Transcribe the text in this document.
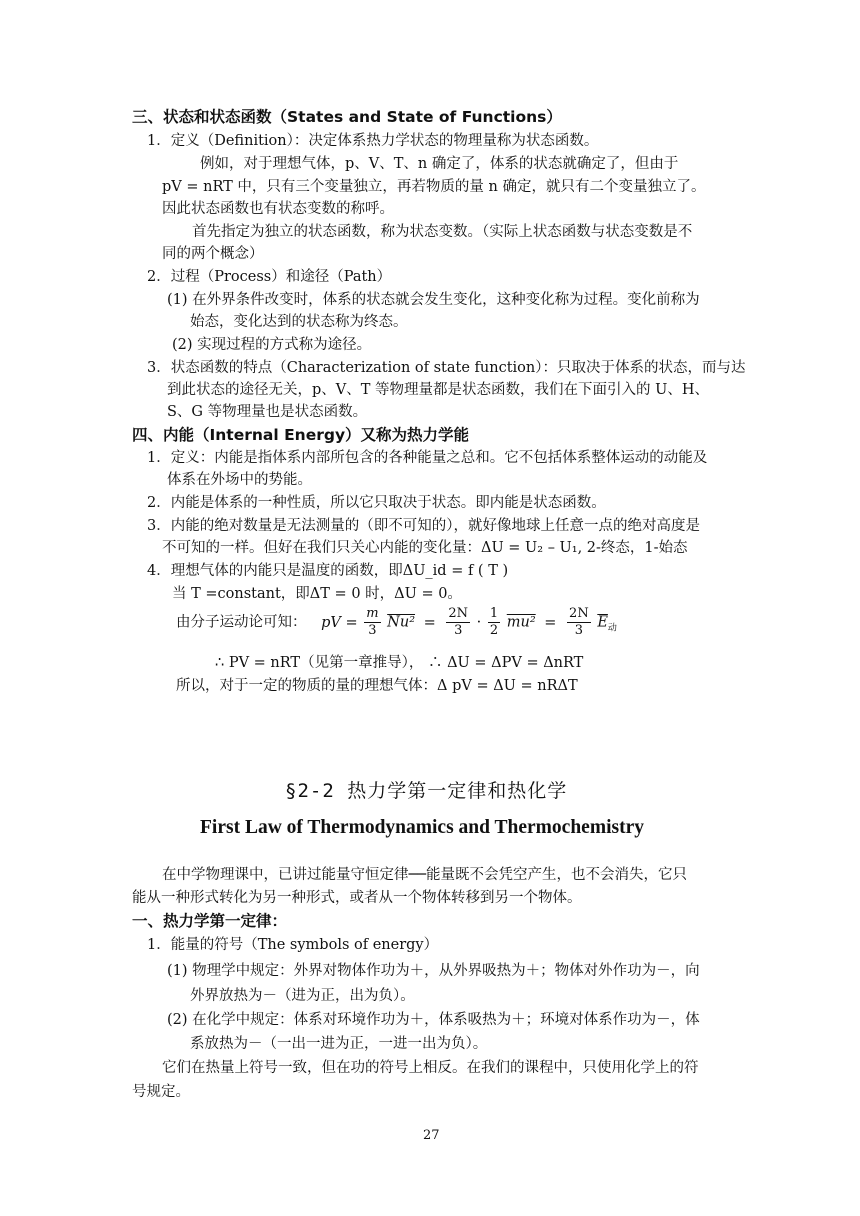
三、状态和状态函数（States and State of Functions）
1．定义（Definition）：决定体系热力学状态的物理量称为状态函数。
例如，对于理想气体，p、V、T、n 确定了，体系的状态就确定了，但由于
pV = nRT 中，只有三个变量独立，再若物质的量 n 确定，就只有二个变量独立了。
因此状态函数也有状态变数的称呼。
首先指定为独立的状态函数，称为状态变数。（实际上状态函数与状态变数是不
同的两个概念）
2．过程（Process）和途径（Path）
(1) 在外界条件改变时，体系的状态就会发生变化，这种变化称为过程。变化前称为
始态，变化达到的状态称为终态。
(2) 实现过程的方式称为途径。
3．状态函数的特点（Characterization of state function）：只取决于体系的状态，而与达
到此状态的途径无关，p、V、T 等物理量都是状态函数，我们在下面引入的 U、H、
S、G 等物理量也是状态函数。
四、内能（Internal Energy）又称为热力学能
1．定义：内能是指体系内部所包含的各种能量之总和。它不包括体系整体运动的动能及
体系在外场中的势能。
2．内能是体系的一种性质，所以它只取决于状态。即内能是状态函数。
3．内能的绝对数量是无法测量的（即不可知的），就好像地球上任意一点的绝对高度是
不可知的一样。但好在我们只关心内能的变化量：ΔU = U₂ – U₁, 2-终态，1-始态
4．理想气体的内能只是温度的函数，即ΔU_id = f ( T )
当 T =constant，即ΔT = 0 时，ΔU = 0。
∴ PV = nRT（见第一章推导）， ∴ ΔU = ΔPV = ΔnRT
所以，对于一定的物质的量的理想气体：Δ pV = ΔU = nRΔT
在中学物理课中，已讲过能量守恒定律──能量既不会凭空产生，也不会消失，它只
能从一种形式转化为另一种形式，或者从一个物体转移到另一个物体。
一、热力学第一定律：
1．能量的符号（The symbols of energy）
(1) 物理学中规定：外界对物体作功为＋，从外界吸热为＋；物体对外作功为－，向
外界放热为－（进为正，出为负）。
(2) 在化学中规定：体系对环境作功为＋，体系吸热为＋；环境对体系作功为－，体
系放热为－（一出一进为正，一进一出为负）。
它们在热量上符号一致，但在功的符号上相反。在我们的课程中，只使用化学上的符
号规定。
由分子运动论可知： pV = $\frac{m}{3} Nu^2 = \frac{2N}{3} \cdot \frac{1}{2} mu^2 = \frac{2N}{3} \overline{E}_动$
§2-2 热力学第一定律和热化学
First Law of Thermodynamics and Thermochemistry
27
